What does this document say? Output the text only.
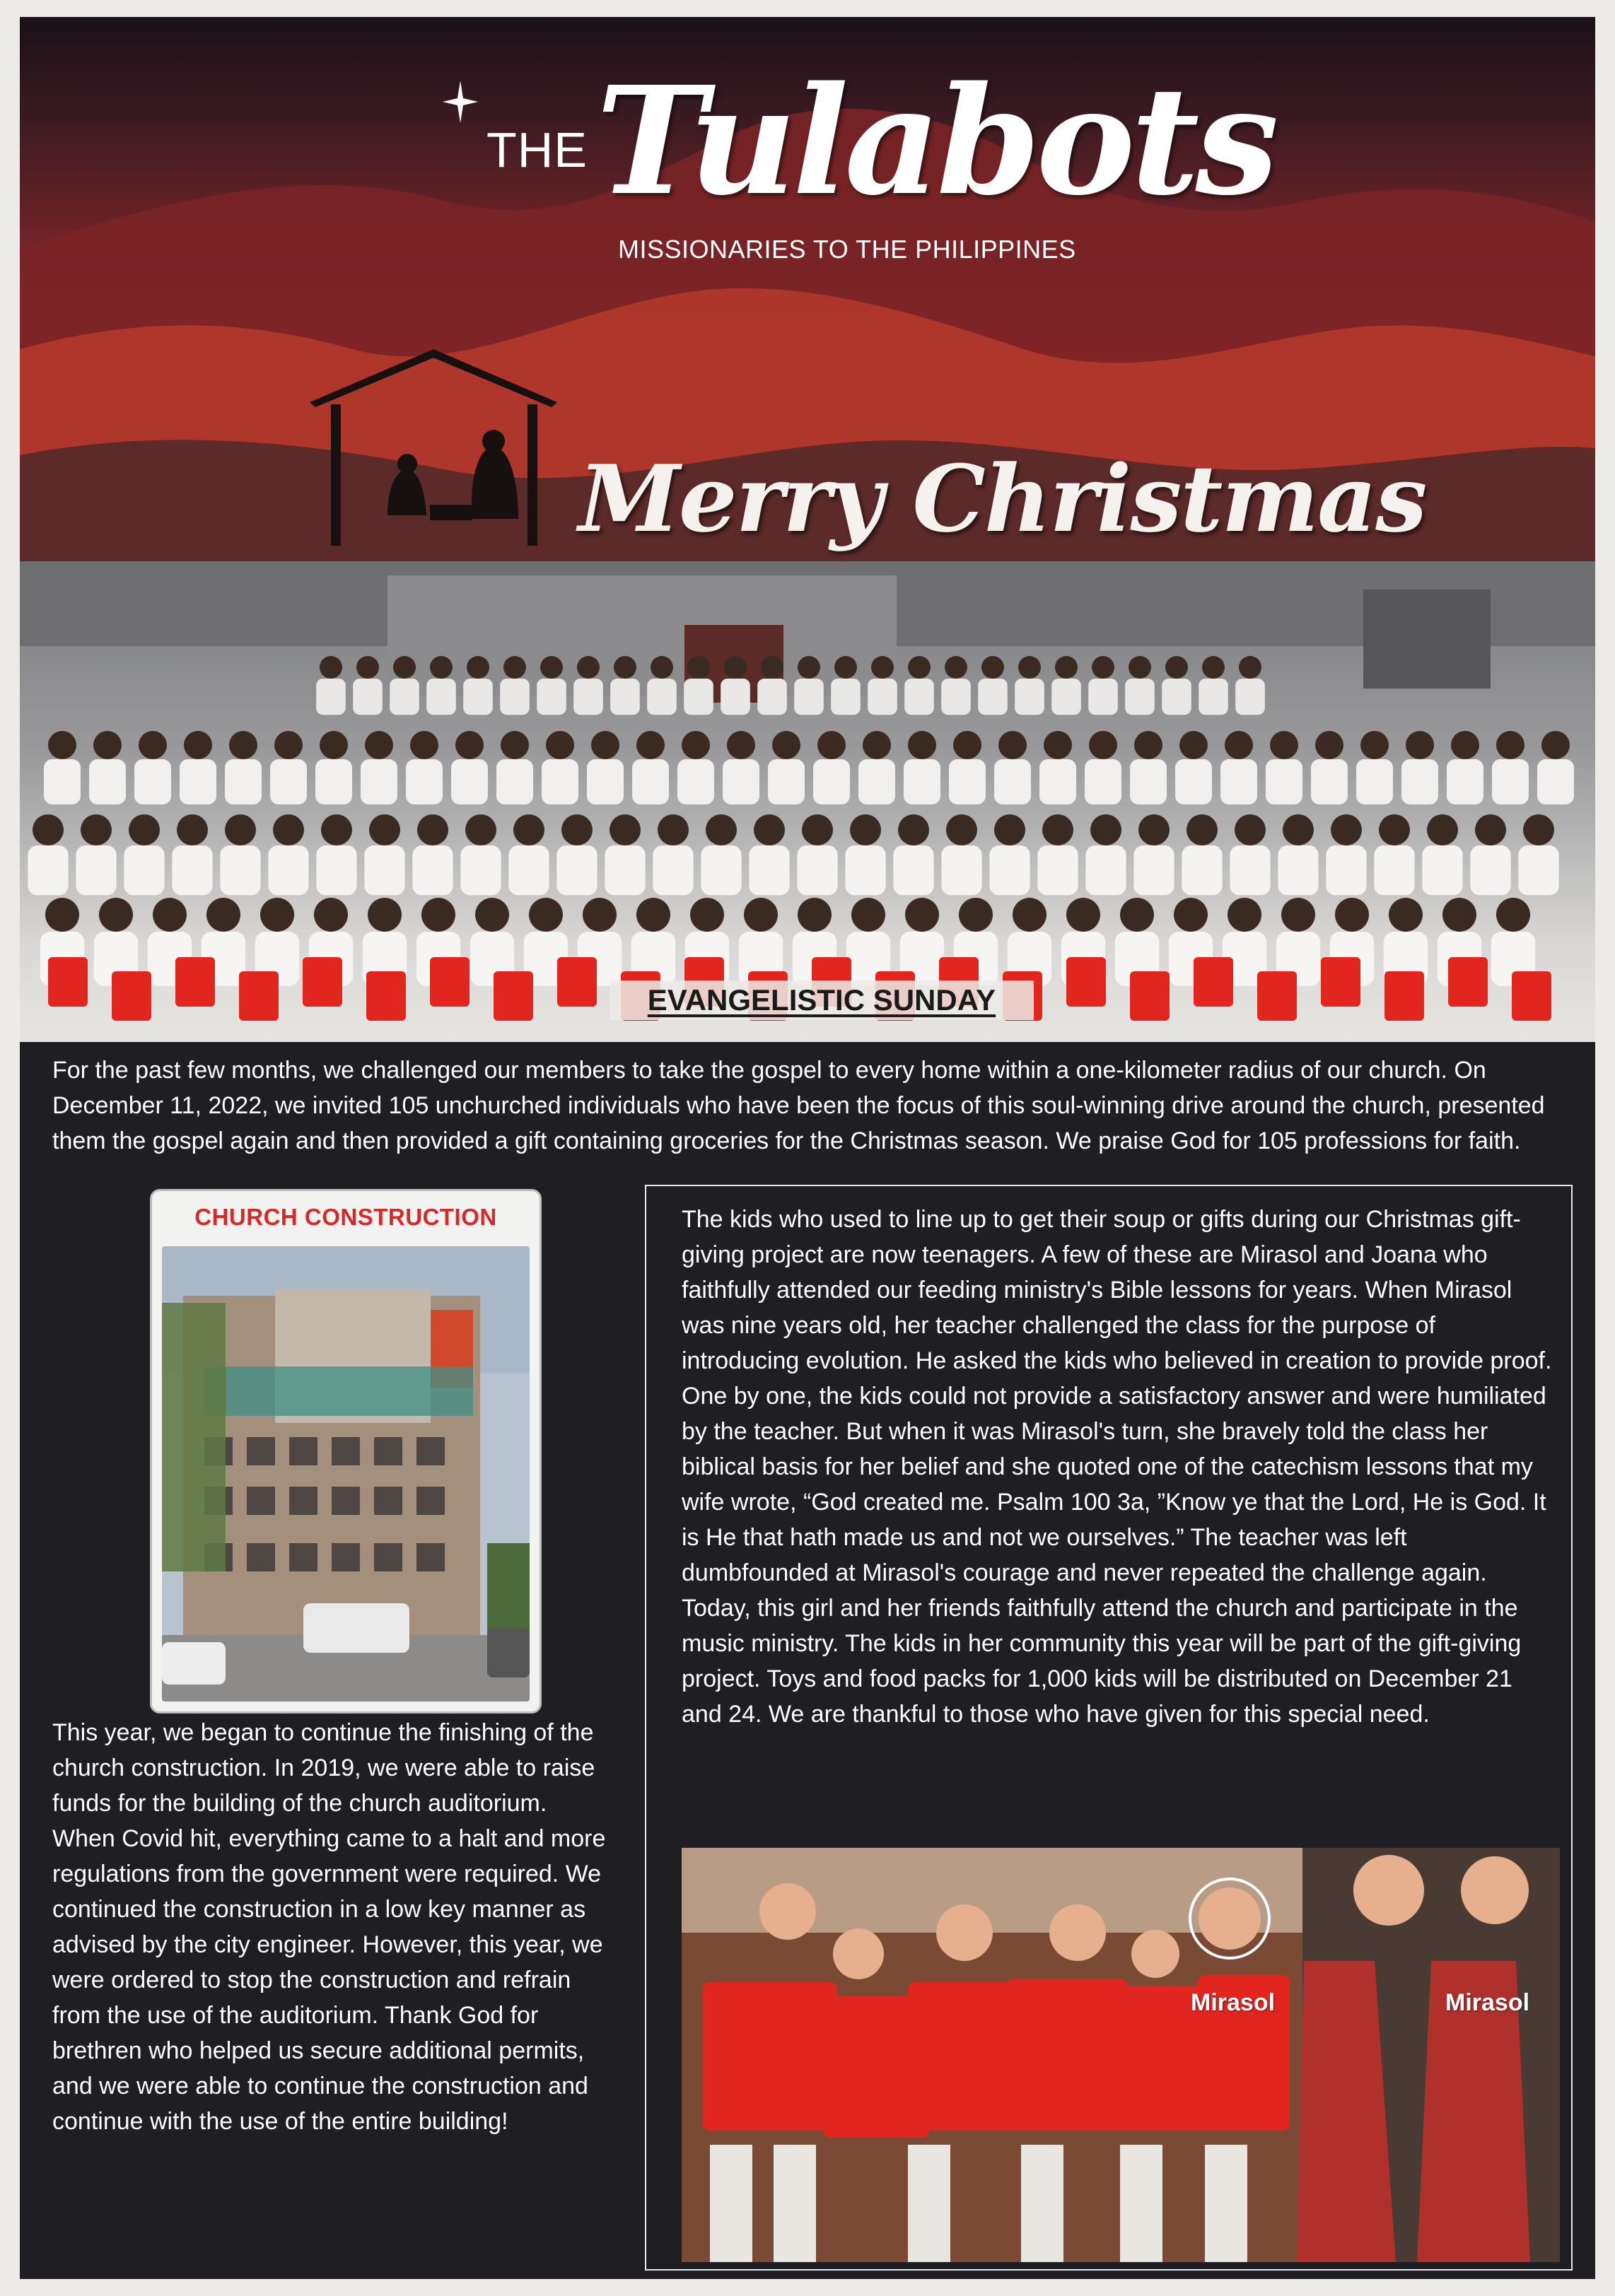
THE Tulabots
MISSIONARIES TO THE PHILIPPINES
Merry Christmas
EVANGELISTIC SUNDAY
For the past few months, we challenged our members to take the gospel to every home within a one-kilometer radius of our church. On December 11, 2022, we invited 105 unchurched individuals who have been the focus of this soul-winning drive around the church, presented them the gospel again and then provided a gift containing groceries for the Christmas season. We praise God for 105 professions for faith.
CHURCH CONSTRUCTION
This year, we began to continue the finishing of the church construction. In 2019, we were able to raise funds for the building of the church auditorium. When Covid hit, everything came to a halt and more regulations from the government were required. We continued the construction in a low key manner as advised by the city engineer. However, this year, we were ordered to stop the construction and refrain from the use of the auditorium. Thank God for brethren who helped us secure additional permits, and we were able to continue the construction and continue with the use of the entire building!
The kids who used to line up to get their soup or gifts during our Christmas gift-giving project are now teenagers. A few of these are Mirasol and Joana who faithfully attended our feeding ministry's Bible lessons for years. When Mirasol was nine years old, her teacher challenged the class for the purpose of introducing evolution. He asked the kids who believed in creation to provide proof. One by one, the kids could not provide a satisfactory answer and were humiliated by the teacher. But when it was Mirasol's turn, she bravely told the class her biblical basis for her belief and she quoted one of the catechism lessons that my wife wrote, “God created me. Psalm 100 3a, ”Know ye that the Lord, He is God. It is He that hath made us and not we ourselves.” The teacher was left dumbfounded at Mirasol's courage and never repeated the challenge again. Today, this girl and her friends faithfully attend the church and participate in the music ministry. The kids in her community this year will be part of the gift-giving project. Toys and food packs for 1,000 kids will be distributed on December 21 and 24. We are thankful to those who have given for this special need.
Mirasol	Mirasol
